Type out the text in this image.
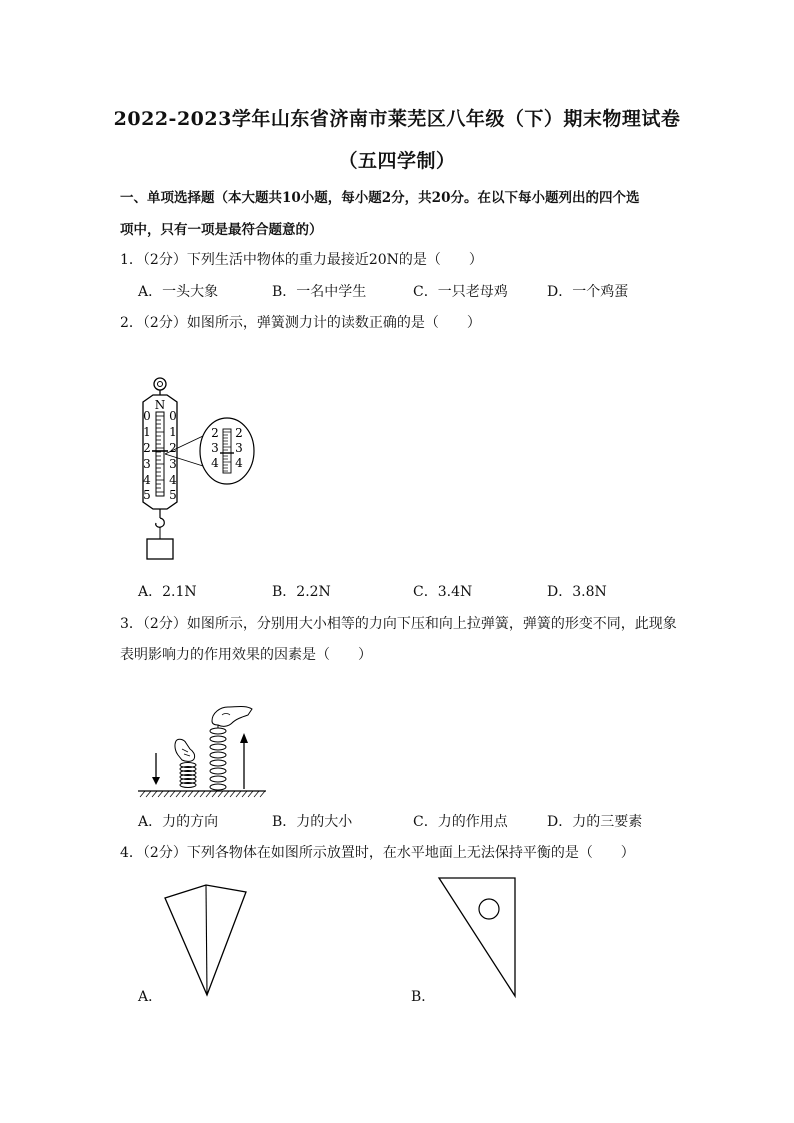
2022-2023学年山东省济南市莱芜区八年级（下）期末物理试卷
（五四学制）
一、单项选择题（本大题共10小题，每小题2分，共20分。在以下每小题列出的四个选
项中，只有一项是最符合题意的）
1．（2分）下列生活中物体的重力最接近20N的是（　　）
A．一头大象	B．一名中学生	C．一只老母鸡	D．一个鸡蛋
2．（2分）如图所示，弹簧测力计的读数正确的是（　　）
N
0
1
2
3
4
5
0
1
2
3
4
5
2
3
4
2
3
4
A．2.1N	B．2.2N	C．3.4N	D．3.8N
3．（2分）如图所示，分别用大小相等的力向下压和向上拉弹簧，弹簧的形变不同，此现象
表明影响力的作用效果的因素是（　　）
A．力的方向	B．力的大小	C．力的作用点	D．力的三要素
4．（2分）下列各物体在如图所示放置时，在水平地面上无法保持平衡的是（　　）
A．	B．
